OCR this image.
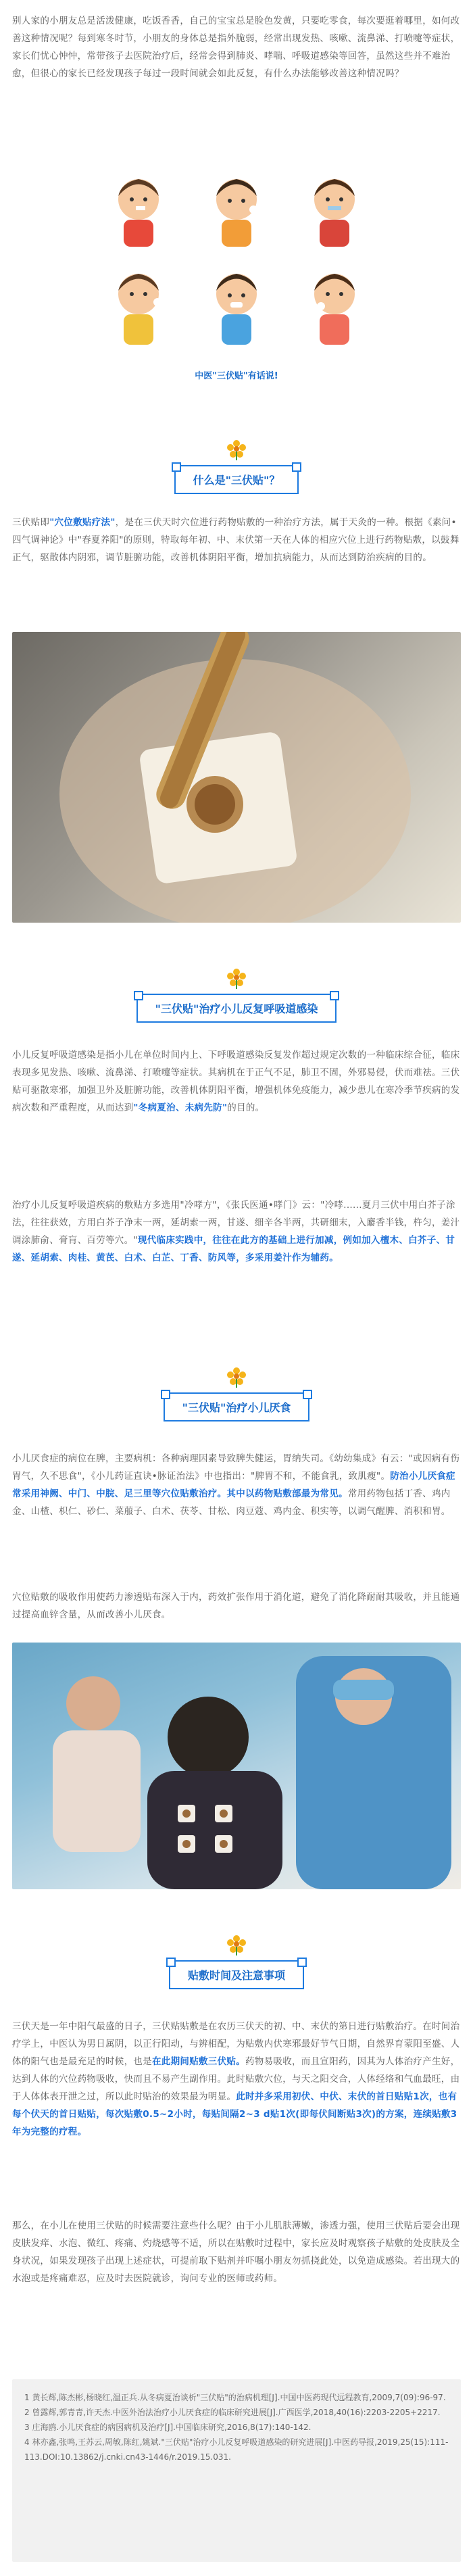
别人家的小朋友总是活泼健康，吃饭香香，自己的宝宝总是脸色发黄，只要吃零食，每次要逛着哪里，如何改善这种情况呢？每到寒冬时节，小朋友的身体总是指外脆弱，经常出现发热、咳嗽、流鼻涕、打喷嚏等症状，家长们忧心忡忡，常带孩子去医院治疗后，经常会得到肺炎、哮喘、呼吸道感染等回答，虽然这些并不难治愈，但很心的家长已经发现孩子每过一段时间就会如此反复，有什么办法能够改善这种情况吗？

中医"三伏贴"有话说!
什么是"三伏贴"？

三伏贴即"穴位敷贴疗法"，是在三伏天时穴位进行药物贴敷的一种治疗方法，属于天灸的一种。根据《素问•四气调神论》中"春夏养阳"的原则，特取每年初、中、末伏第一天在人体的相应穴位上进行药物贴敷，以鼓舞正气，驱散体内阴邪，调节脏腑功能，改善机体阴阳平衡，增加抗病能力，从而达到防治疾病的目的。

"三伏贴"治疗小儿反复呼吸道感染

小儿反复呼吸道感染是指小儿在单位时间内上、下呼吸道感染反复发作超过规定次数的一种临床综合征，临床表现多见发热、咳嗽、流鼻涕、打喷嚏等症状。其病机在于正气不足，肺卫不固，外邪易侵，伏而难祛。三伏贴可驱散寒邪，加强卫外及脏腑功能，改善机体阴阳平衡，增强机体免疫能力，减少患儿在寒冷季节疾病的发病次数和严重程度，从而达到"冬病夏治、未病先防"的目的。

治疗小儿反复呼吸道疾病的敷贴方多选用"冷哮方"，《张氏医通•哮门》云："冷哮......夏月三伏中用白芥子涂法，往往获效，方用白芥子净末一两，延胡索一两，甘遂、细辛各半两，共研细末，入麝香半钱，杵匀，姜汁调涂肺俞、膏肓、百劳等穴。"现代临床实践中，往往在此方的基础上进行加减，例如加入檀木、白芥子、甘遂、延胡索、肉桂、黄芪、白术、白芷、丁香、防风等，多采用姜汁作为辅药。

"三伏贴"治疗小儿厌食

小儿厌食症的病位在脾，主要病机：各种病理因素导致脾失健运，胃纳失司。《幼幼集成》有云："或因病有伤胃气，久不思食"，《小儿药证直诀•脉证治法》中也指出："脾胃不和，不能食乳，致肌瘦"。防治小儿厌食症常采用神阙、中门、中脘、足三里等穴位贴敷治疗。其中以药物贴敷部最为常见。常用药物包括丁香、鸡内金、山楂、枳仁、砂仁、菜菔子、白术、茯苓、甘松、肉豆蔻、鸡内金、积实等，以调气醒脾、消积和胃。

穴位贴敷的吸收作用使药力渗透贴布深入于内，药效扩张作用于消化道，避免了消化降耐耐其吸收，并且能通过提高血锌含量，从而改善小儿厌食。

贴敷时间及注意事项

三伏天是一年中阳气最盛的日子，三伏贴贴敷是在农历三伏天的初、中、末伏的第日进行贴敷治疗。在时间治疗学上，中医认为男日属阴，以正行阳动，与辨相配，为贴敷内伏寒邪最好节气日期，自然界育蒙阳至盛、人体的阳气也是最充足的时候，也是在此期间贴敷三伏贴。药物易吸收，而且宣阳药，因其为人体治疗产生好，达到人体的穴位药物吸收，快而且不易产生副作用。此时贴敷穴位，与天之阳交合，人体经络和气血最旺，由于人体体表开泄之过，所以此时贴治的效果最为明显。此时并多采用初伏、中伏、末伏的首日贴贴1次，也有每个伏天的首日贴贴，每次贴敷0.5~2小时，每贴间隔2~3 d贴1次(即每伏间断贴3次)的方案，连续贴敷3年为完整的疗程。

那么，在小儿在使用三伏贴的时候需要注意些什么呢？由于小儿肌肤薄嫩，渗透力强，使用三伏贴后要会出现皮肤发痒、水泡、微红、疼痛、灼烧感等不适，所以在贴敷时过程中，家长应及时观察孩子贴敷的处皮肤及全身状况，如果发现孩子出现上述症状，可提前取下贴剂并吓嘱小朋友勿抓挠此处，以免造成感染。若出现大的水泡或是疼痛难忍，应及时去医院就诊，询问专业的医师或药师。

1 黄长辉,陈杰彬,杨晓红,温正兵.从冬病夏治谈析"三伏贴"的治病机理[J].中国中医药现代远程教育,2009,7(09):96-97.

2 曾露辉,郭青青,许天杰.中医外治法治疗小儿厌食症的临床研究进展[J].广西医学,2018,40(16):2203-2205+2217.

3 庄海鸥.小儿厌食症的病因病机及治疗[J].中国临床研究,2016,8(17):140-142.

4 林亦鑫,张鸣,王苏云,周敏,陈红,姚斌."三伏贴"治疗小儿反复呼吸道感染的研究进展[J].中医药导报,2019,25(15):111-113.DOI:10.13862/j.cnki.cn43-1446/r.2019.15.031.
